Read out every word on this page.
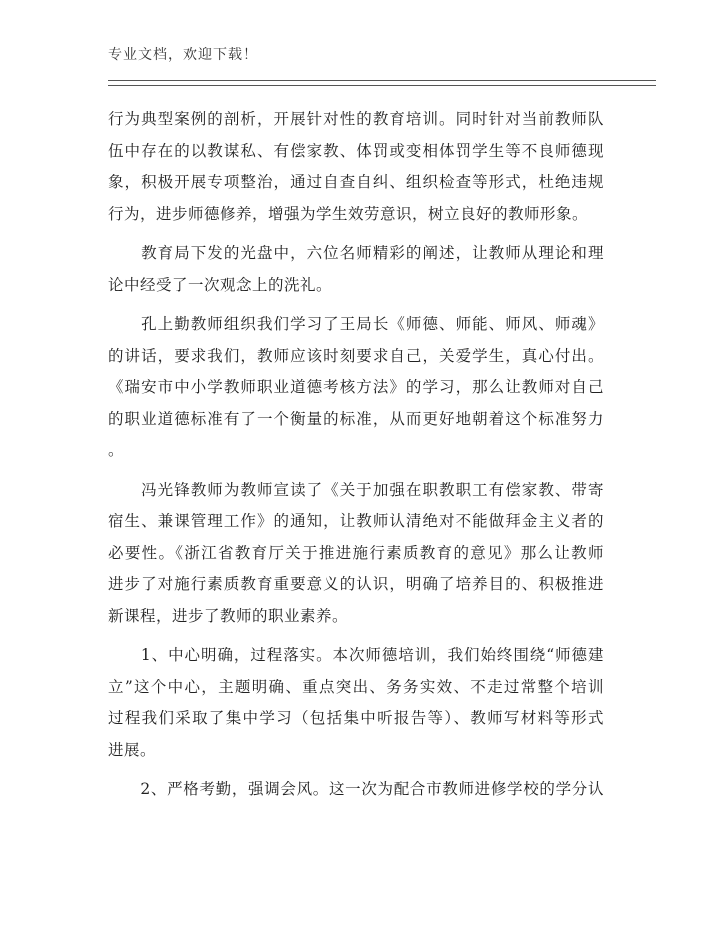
专业文档，欢迎下载！
行为典型案例的剖析，开展针对性的教育培训。同时针对当前教师队
伍中存在的以教谋私、有偿家教、体罚或变相体罚学生等不良师德现
象，积极开展专项整治，通过自查自纠、组织检查等形式，杜绝违规
行为，进步师德修养，增强为学生效劳意识，树立良好的教师形象。
　　教育局下发的光盘中，六位名师精彩的阐述，让教师从理论和理
论中经受了一次观念上的洗礼。
　　孔上勤教师组织我们学习了王局长《师德、师能、师风、师魂》
的讲话，要求我们，教师应该时刻要求自己，关爱学生，真心付出。
《瑞安市中小学教师职业道德考核方法》的学习，那么让教师对自己
的职业道德标准有了一个衡量的标准，从而更好地朝着这个标准努力
。
　　冯光锋教师为教师宣读了《关于加强在职教职工有偿家教、带寄
宿生、兼课管理工作》的通知，让教师认清绝对不能做拜金主义者的
必要性。《浙江省教育厅关于推进施行素质教育的意见》那么让教师
进步了对施行素质教育重要意义的认识，明确了培养目的、积极推进
新课程，进步了教师的职业素养。
　　1、中心明确，过程落实。本次师德培训，我们始终围绕“师德建
立”这个中心，主题明确、重点突出、务务实效、不走过常整个培训
过程我们采取了集中学习（包括集中听报告等）、教师写材料等形式
进展。
　　2、严格考勤，强调会风。这一次为配合市教师进修学校的学分认
